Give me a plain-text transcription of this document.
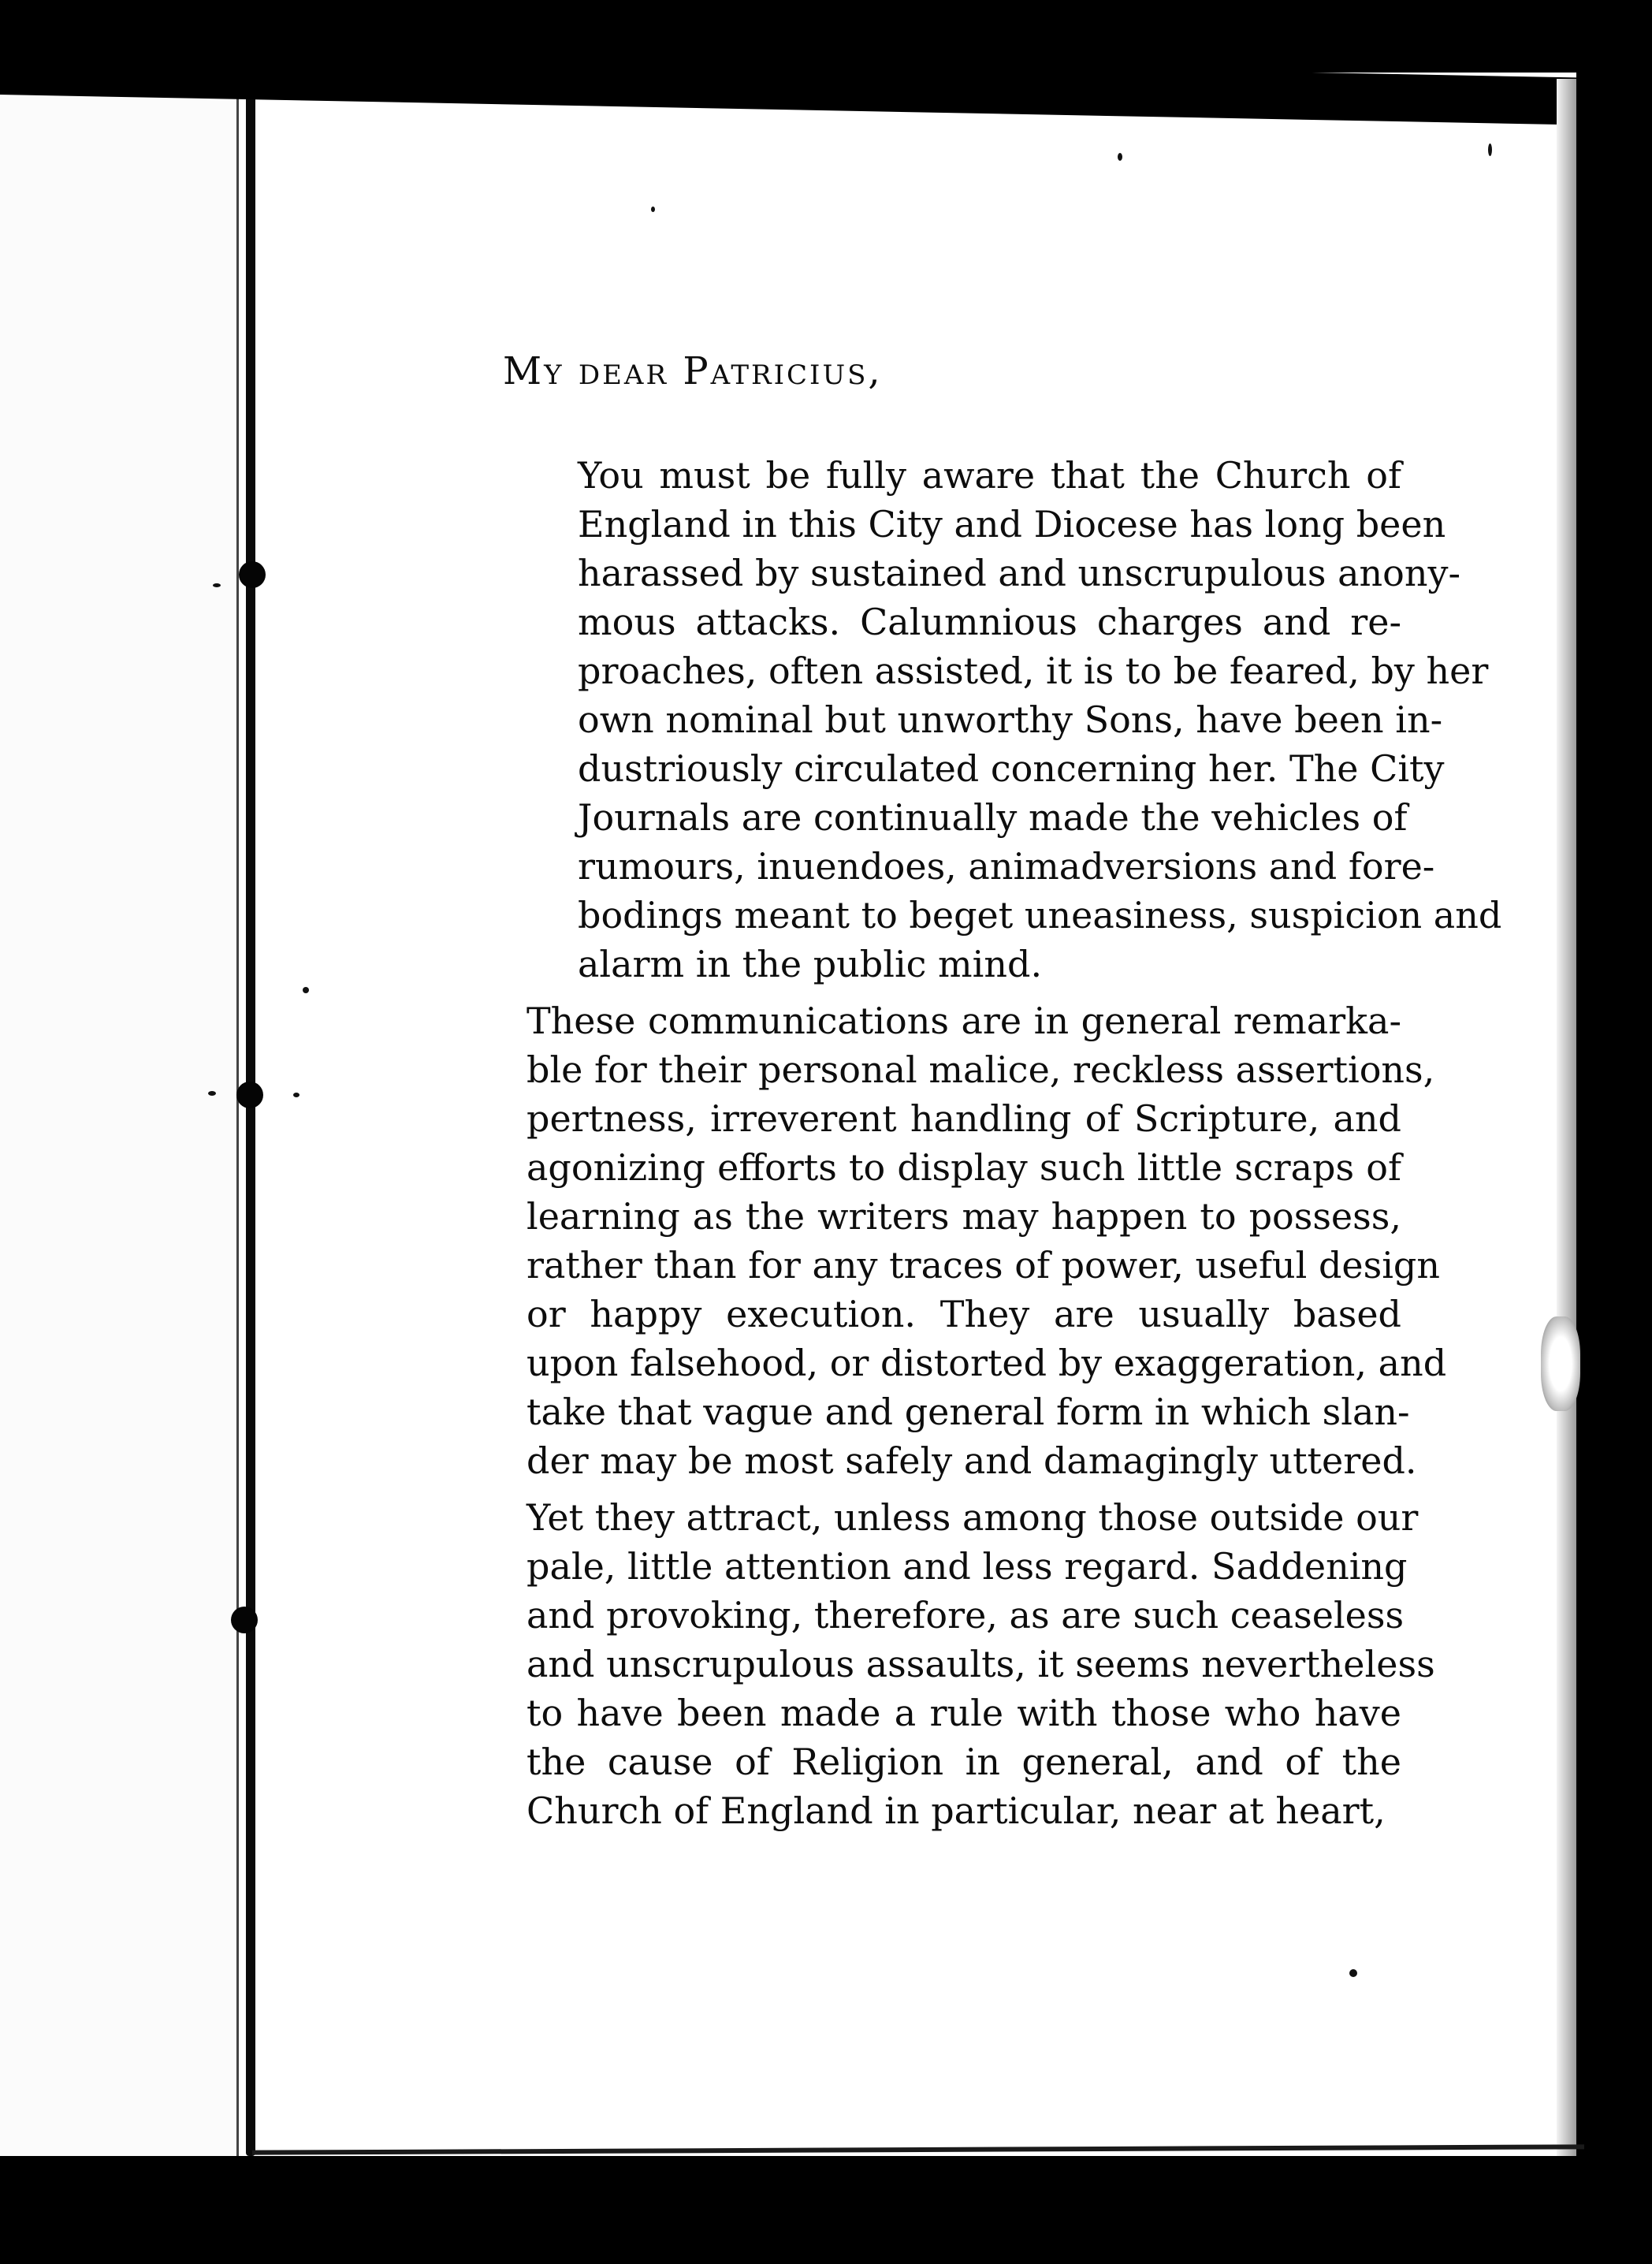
My dear Patricius,
You must be fully aware that the Church of
England in this City and Diocese has long been
harassed by sustained and unscrupulous anony-
mous attacks. Calumnious charges and re-
proaches, often assisted, it is to be feared, by her
own nominal but unworthy Sons, have been in-
dustriously circulated concerning her. The City
Journals are continually made the vehicles of
rumours, inuendoes, animadversions and fore-
bodings meant to beget uneasiness, suspicion and
alarm in the public mind.
These communications are in general remarka-
ble for their personal malice, reckless assertions,
pertness, irreverent handling of Scripture, and
agonizing efforts to display such little scraps of
learning as the writers may happen to possess,
rather than for any traces of power, useful design
or happy execution. They are usually based
upon falsehood, or distorted by exaggeration, and
take that vague and general form in which slan-
der may be most safely and damagingly uttered.
Yet they attract, unless among those outside our
pale, little attention and less regard. Saddening
and provoking, therefore, as are such ceaseless
and unscrupulous assaults, it seems nevertheless
to have been made a rule with those who have
the cause of Religion in general, and of the
Church of England in particular, near at heart,
